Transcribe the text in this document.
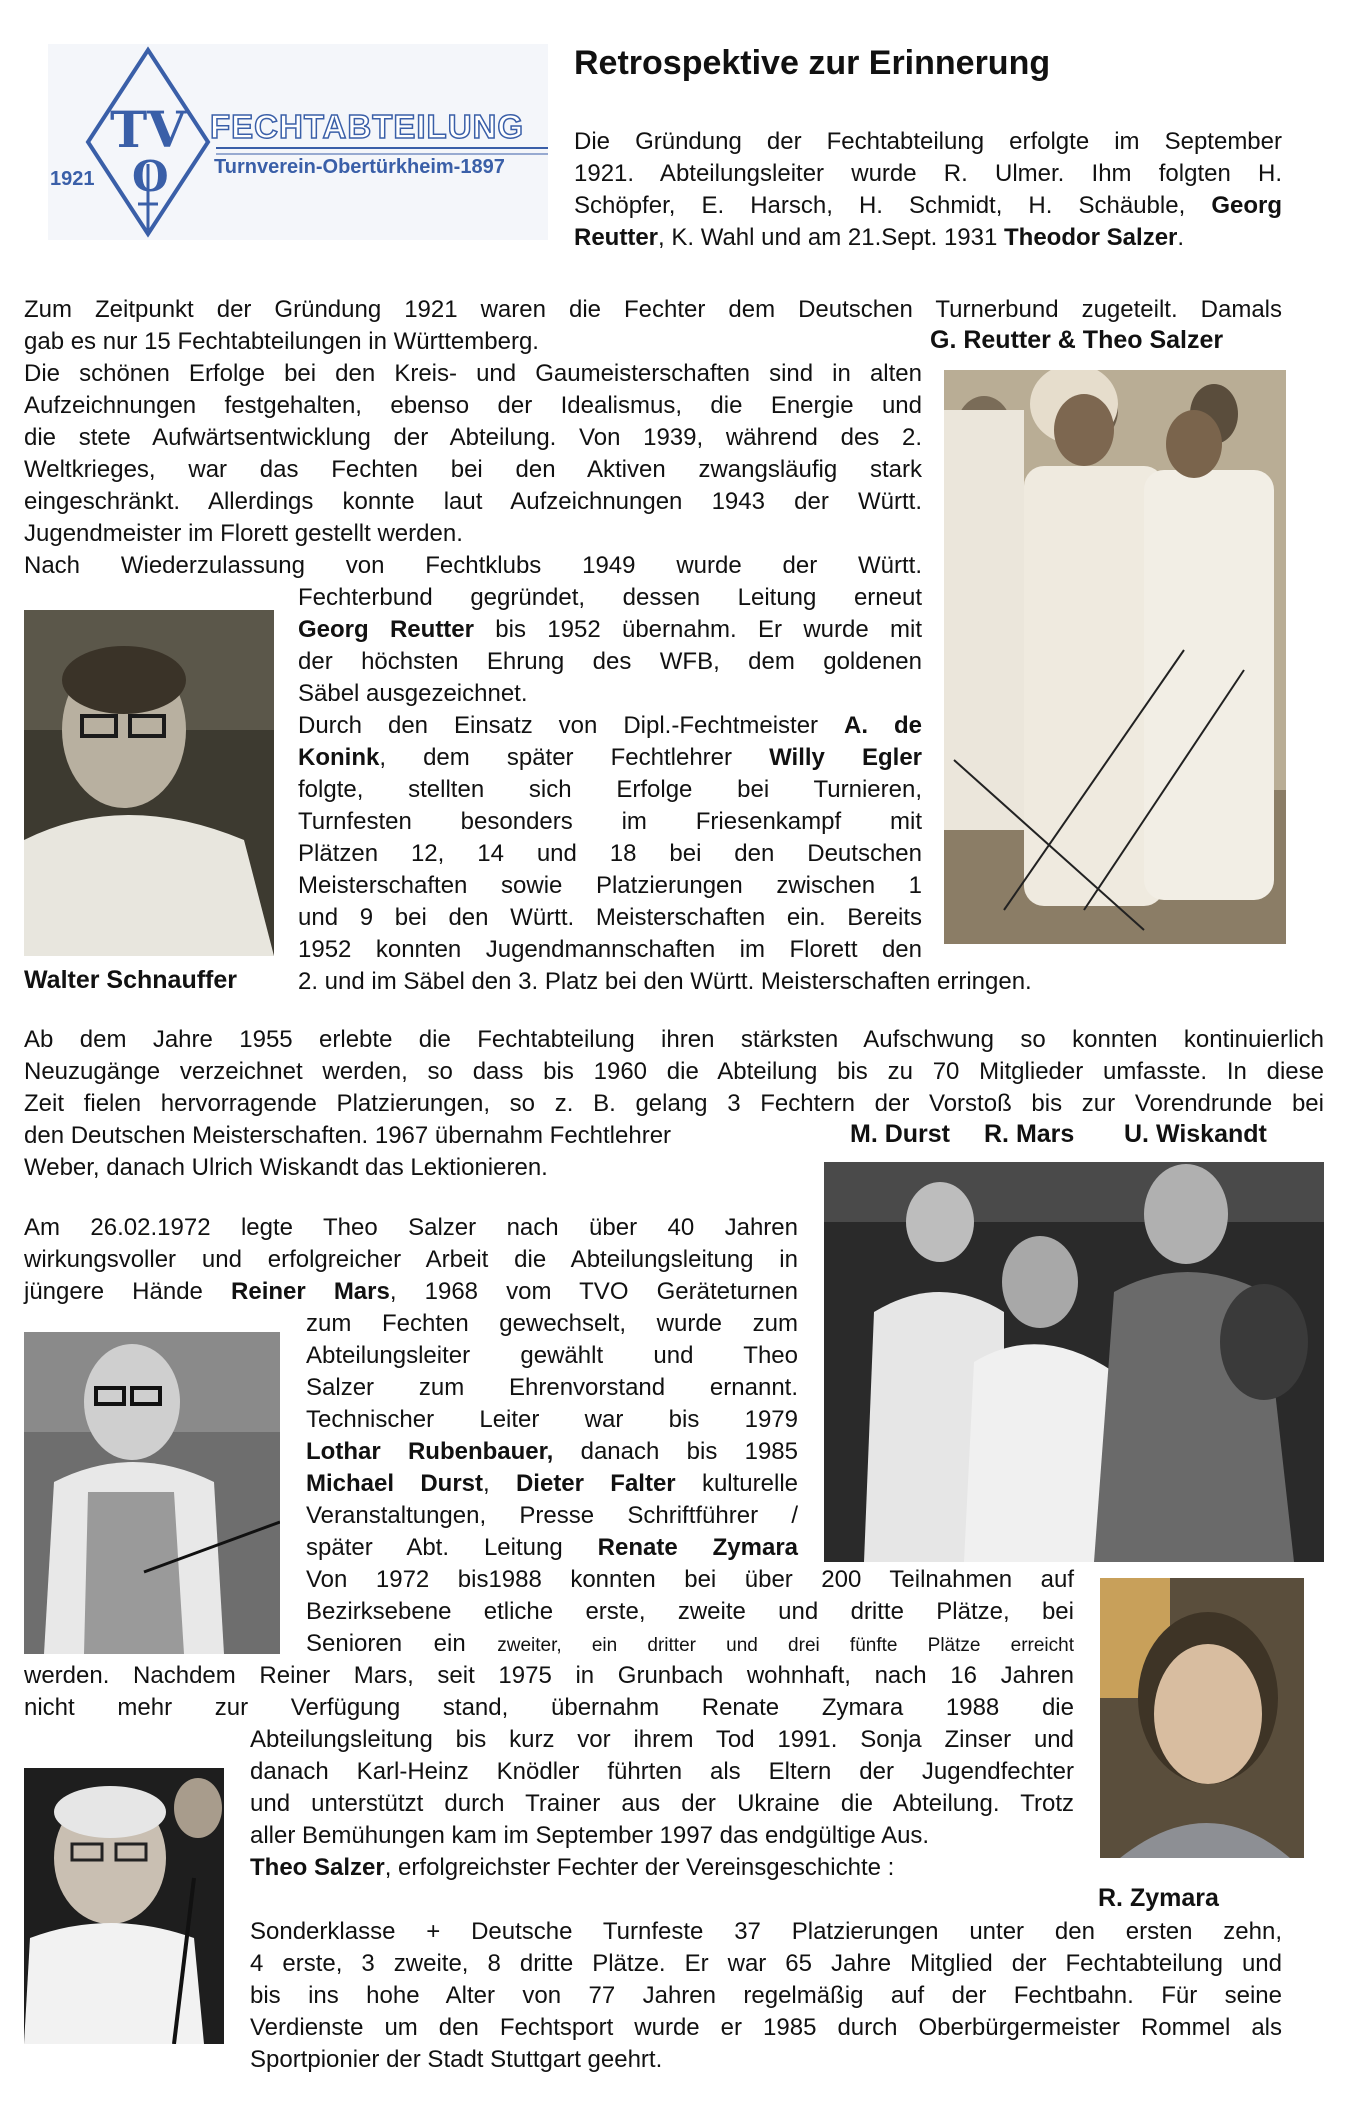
TV
O
1921
FECHTABTEILUNG
Turnverein-Obertürkheim-1897
Retrospektive zur Erinnerung
Die Gründung der Fechtabteilung erfolgte im September
1921. Abteilungsleiter wurde R. Ulmer. Ihm folgten H.
Schöpfer, E. Harsch, H. Schmidt, H. Schäuble, Georg
Reutter, K. Wahl und am 21.Sept. 1931 Theodor Salzer.
Zum Zeitpunkt der Gründung 1921 waren die Fechter dem Deutschen Turnerbund zugeteilt. Damals
gab es nur 15 Fechtabteilungen in Württemberg.	G. Reutter & Theo Salzer
Die schönen Erfolge bei den Kreis- und Gaumeisterschaften sind in alten
Aufzeichnungen festgehalten, ebenso der Idealismus, die Energie und
die stete Aufwärtsentwicklung der Abteilung. Von 1939, während des 2.
Weltkrieges, war das Fechten bei den Aktiven zwangsläufig stark
eingeschränkt. Allerdings konnte laut Aufzeichnungen 1943 der Württ.
Jugendmeister im Florett gestellt werden.
Nach Wiederzulassung von Fechtklubs 1949 wurde der Württ.
Fechterbund gegründet, dessen Leitung erneut
Georg Reutter bis 1952 übernahm. Er wurde mit
der höchsten Ehrung des WFB, dem goldenen
Säbel ausgezeichnet.
Durch den Einsatz von Dipl.-Fechtmeister A. de
Konink, dem später Fechtlehrer Willy Egler
folgte, stellten sich Erfolge bei Turnieren,
Turnfesten besonders im Friesenkampf mit
Plätzen 12, 14 und 18 bei den Deutschen
Meisterschaften sowie Platzierungen zwischen 1
und 9 bei den Württ. Meisterschaften ein. Bereits
1952 konnten Jugendmannschaften im Florett den
2. und im Säbel den 3. Platz bei den Württ. Meisterschaften erringen.
Walter Schnauffer
Ab dem Jahre 1955 erlebte die Fechtabteilung ihren stärksten Aufschwung so konnten kontinuierlich
Neuzugänge verzeichnet werden, so dass bis 1960 die Abteilung bis zu 70 Mitglieder umfasste. In diese
Zeit fielen hervorragende Platzierungen, so z. B. gelang 3 Fechtern der Vorstoß bis zur Vorendrunde bei
den Deutschen Meisterschaften. 1967 übernahm Fechtlehrer
Weber, danach Ulrich Wiskandt das Lektionieren.
M. Durst R. Mars U. Wiskandt
Am 26.02.1972 legte Theo Salzer nach über 40 Jahren
wirkungsvoller und erfolgreicher Arbeit die Abteilungsleitung in
jüngere Hände Reiner Mars, 1968 vom TVO Geräteturnen
zum Fechten gewechselt, wurde zum
Abteilungsleiter gewählt und Theo
Salzer zum Ehrenvorstand ernannt.
Technischer Leiter war bis 1979
Lothar Rubenbauer, danach bis 1985
Michael Durst, Dieter Falter kulturelle
Veranstaltungen, Presse Schriftführer /
später Abt. Leitung Renate Zymara
Von 1972 bis1988 konnten bei über 200 Teilnahmen auf
Bezirksebene etliche erste, zweite und dritte Plätze, bei
Senioren ein zweiter, ein dritter und drei fünfte Plätze erreicht
werden. Nachdem Reiner Mars, seit 1975 in Grunbach wohnhaft, nach 16 Jahren
nicht mehr zur Verfügung stand, übernahm Renate Zymara 1988 die
Abteilungsleitung bis kurz vor ihrem Tod 1991. Sonja Zinser und
danach Karl-Heinz Knödler führten als Eltern der Jugendfechter
und unterstützt durch Trainer aus der Ukraine die Abteilung. Trotz
aller Bemühungen kam im September 1997 das endgültige Aus.
Theo Salzer, erfolgreichster Fechter der Vereinsgeschichte :
R. Zymara
Sonderklasse + Deutsche Turnfeste 37 Platzierungen unter den ersten zehn,
4 erste, 3 zweite, 8 dritte Plätze. Er war 65 Jahre Mitglied der Fechtabteilung und
bis ins hohe Alter von 77 Jahren regelmäßig auf der Fechtbahn. Für seine
Verdienste um den Fechtsport wurde er 1985 durch Oberbürgermeister Rommel als
Sportpionier der Stadt Stuttgart geehrt.
